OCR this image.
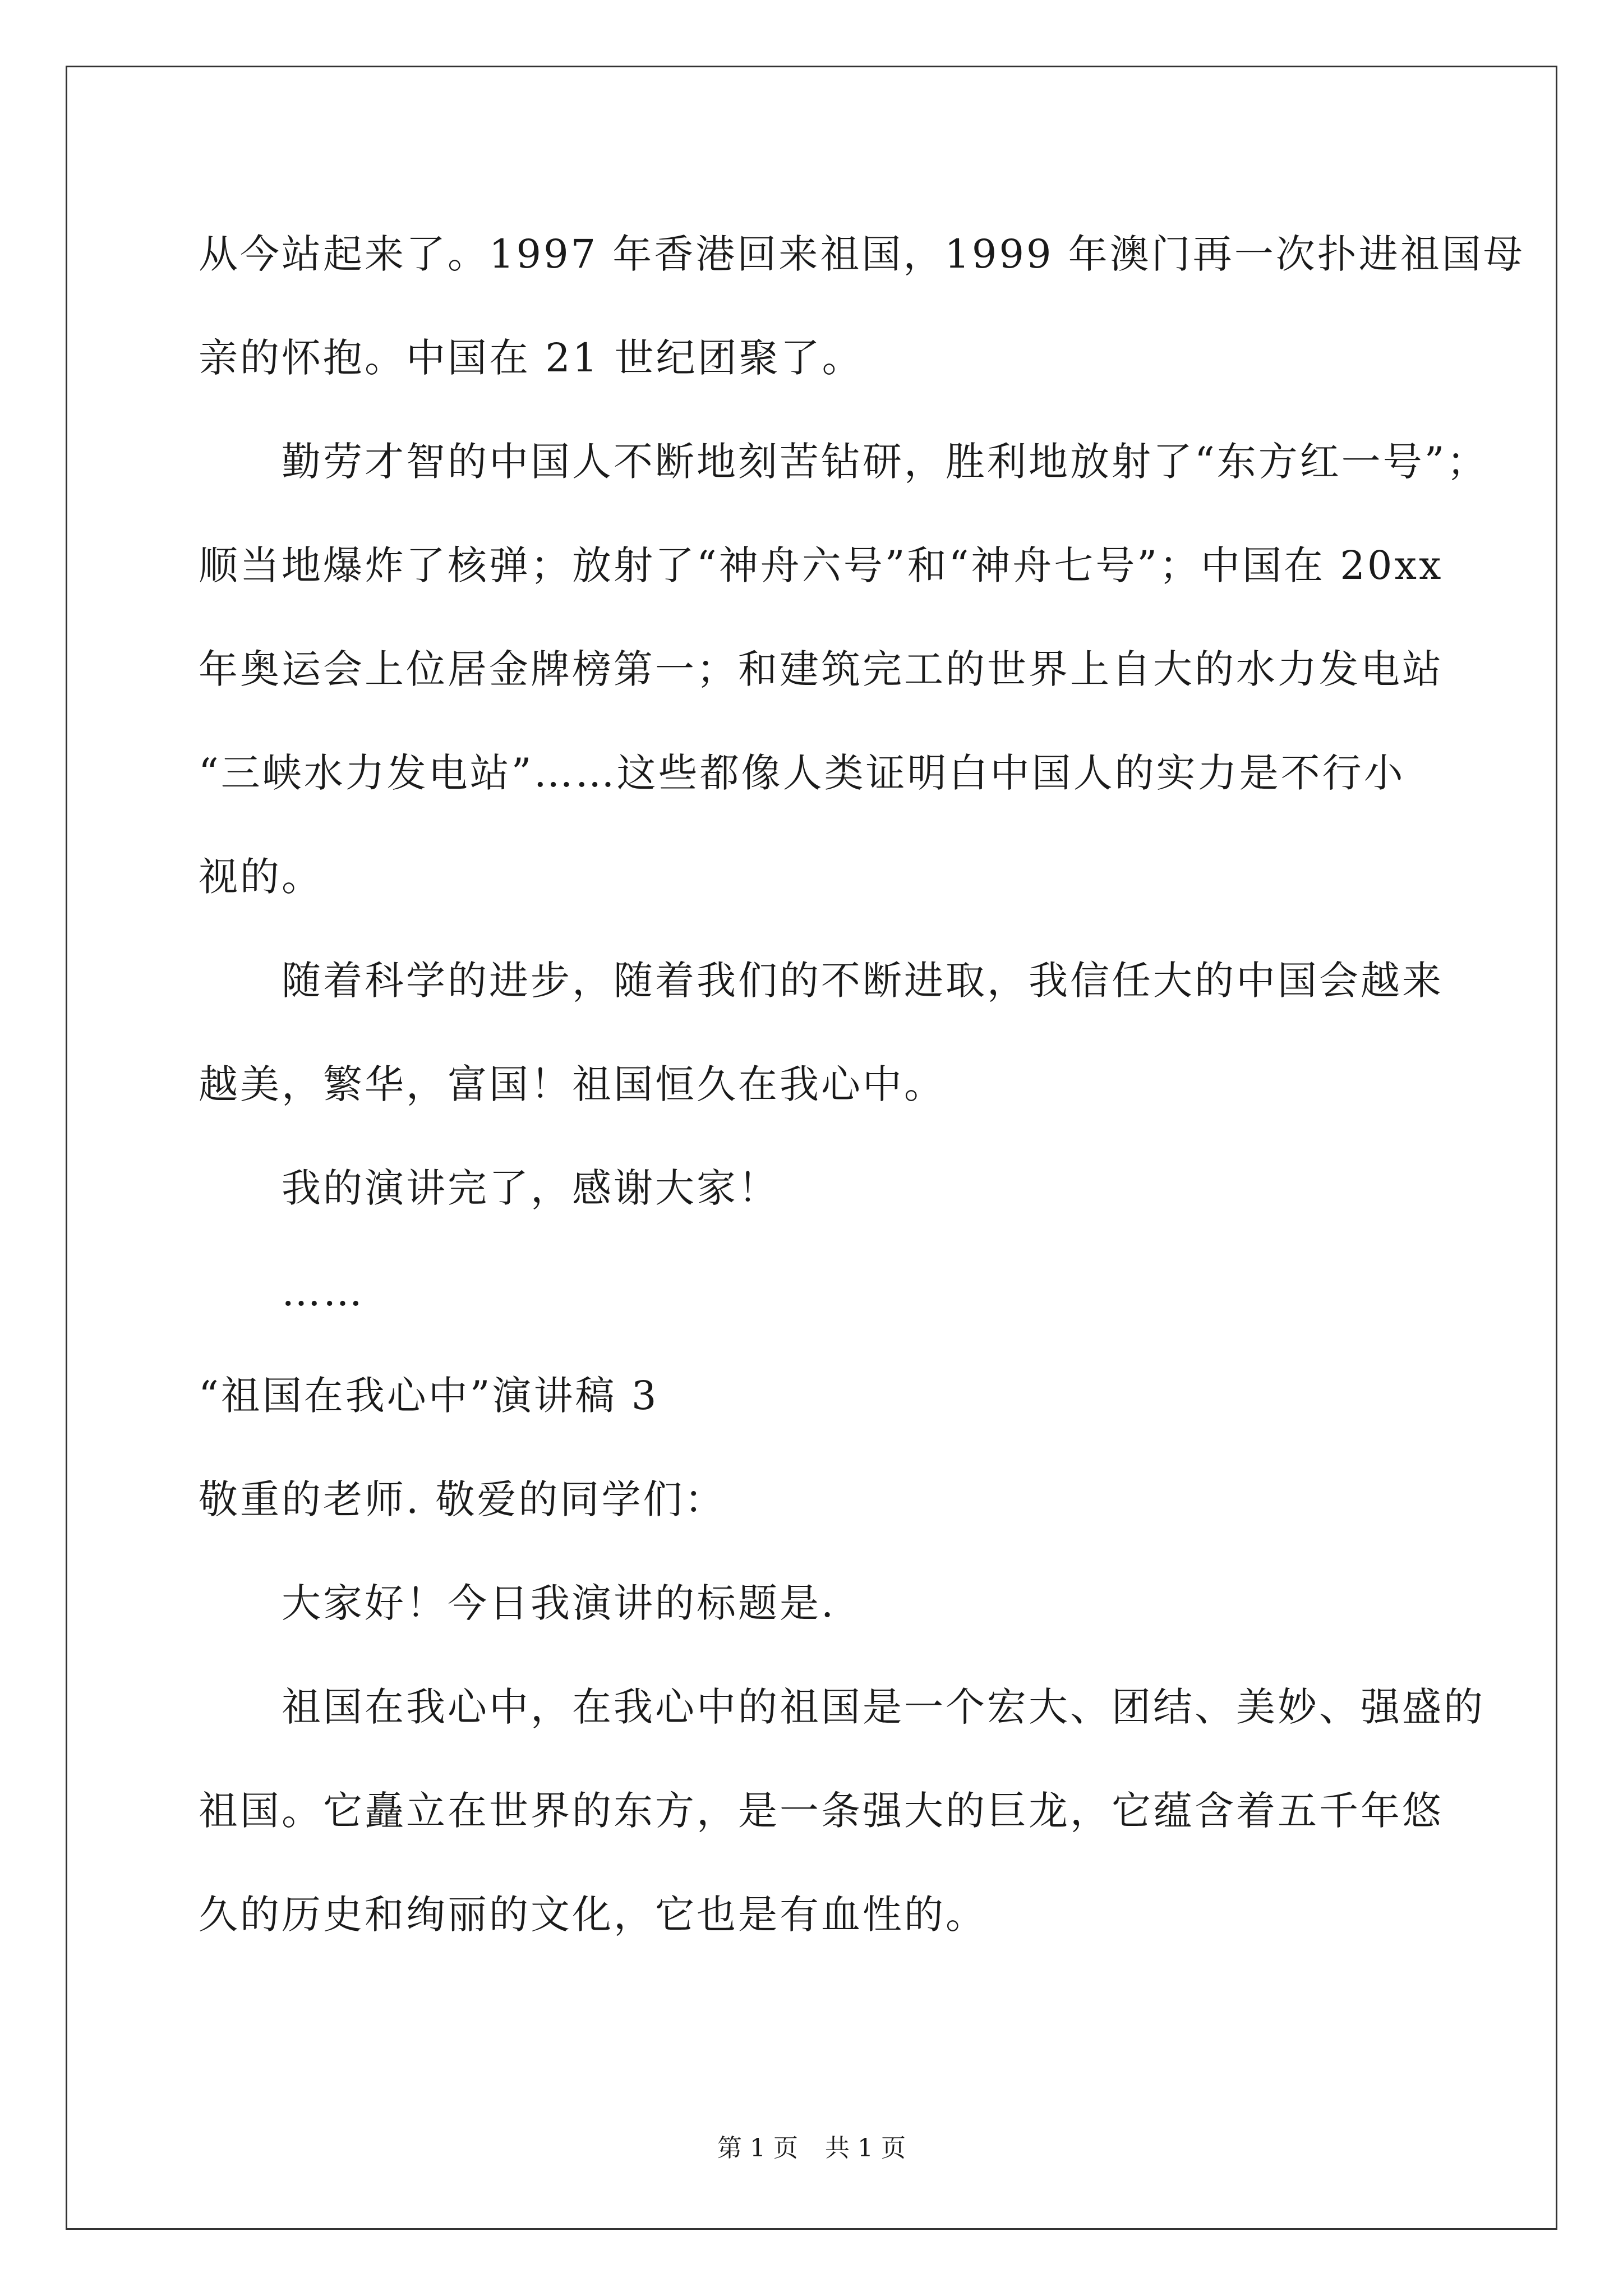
从今站起来了。1997 年香港回来祖国，1999 年澳门再一次扑进祖国母
亲的怀抱。中国在 21 世纪团聚了。
勤劳才智的中国人不断地刻苦钻研，胜利地放射了“东方红一号”；
顺当地爆炸了核弹；放射了“神舟六号”和“神舟七号”；中国在 20xx
年奥运会上位居金牌榜第一；和建筑完工的世界上自大的水力发电站
“三峡水力发电站”……这些都像人类证明白中国人的实力是不行小
视的。
随着科学的进步，随着我们的不断进取，我信任大的中国会越来
越美，繁华，富国！祖国恒久在我心中。
我的演讲完了，感谢大家！
……
“祖国在我心中”演讲稿 3
敬重的老师. 敬爱的同学们：
大家好！今日我演讲的标题是.
祖国在我心中，在我心中的祖国是一个宏大、团结、美妙、强盛的
祖国。它矗立在世界的东方，是一条强大的巨龙，它蕴含着五千年悠
久的历史和绚丽的文化，它也是有血性的。
第 1 页 共 1 页
